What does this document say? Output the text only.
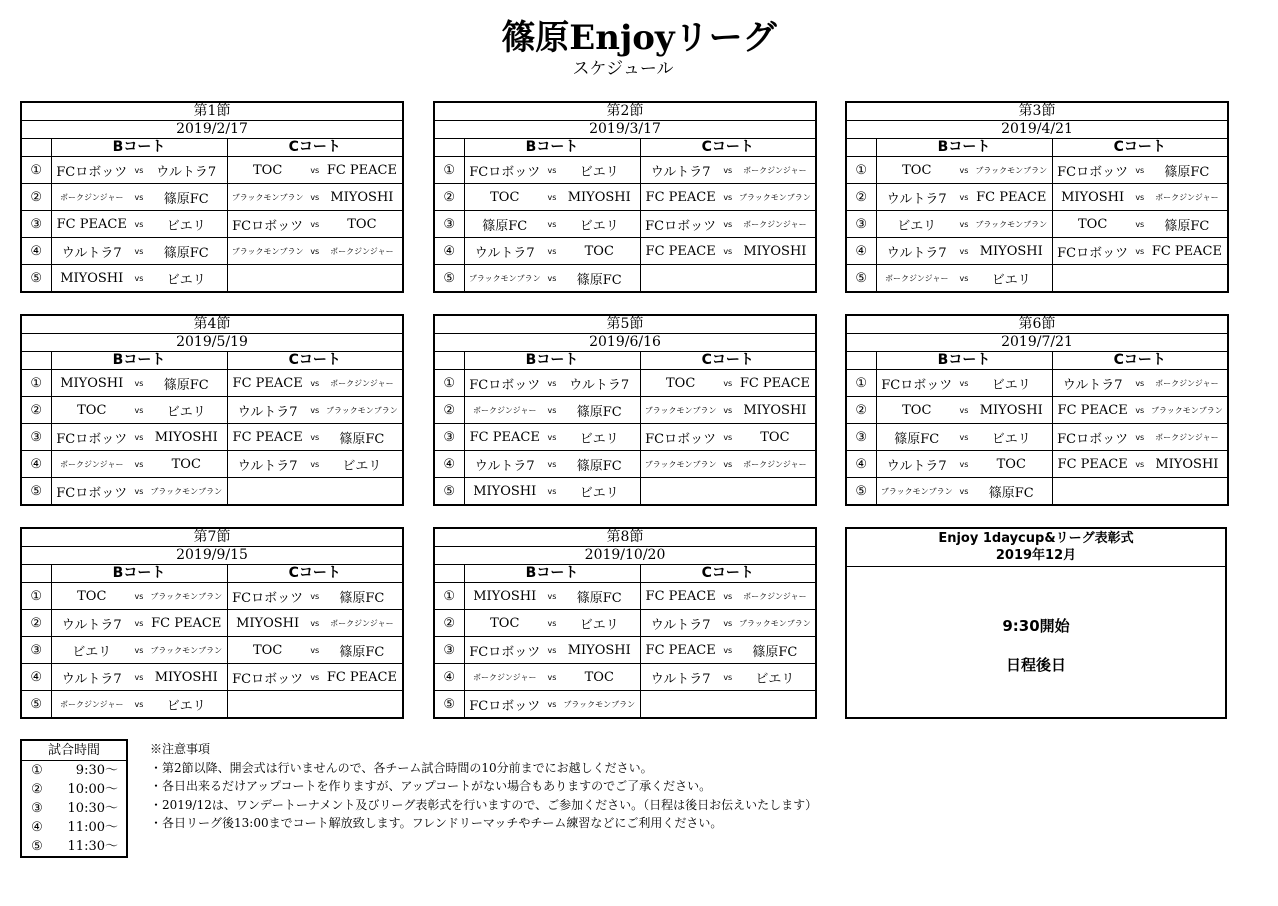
篠原Enjoyリーグ
スケジュール
第1節		
2019/2/17		
	Bコート	Cコート
①	FCロボッツ vs ウルトラ7	TOC vs FC PEACE

②	ボークジンジャー vs 篠原FC	ブラックモンブラン vs MIYOSHI

③	FC PEACE vs ビエリ	FCロボッツ vs TOC

④	ウルトラ7 vs 篠原FC	ブラックモンブラン vs ボークジンジャー

⑤	MIYOSHI vs ビエリ	

第2節		
2019/3/17		
	Bコート	Cコート
①	FCロボッツ vs ビエリ	ウルトラ7 vs ボークジンジャー

②	TOC vs MIYOSHI	FC PEACE vs ブラックモンブラン

③	篠原FC vs ビエリ	FCロボッツ vs ボークジンジャー

④	ウルトラ7 vs TOC	FC PEACE vs MIYOSHI

⑤	ブラックモンブラン vs 篠原FC	

第3節		
2019/4/21		
	Bコート	Cコート
①	TOC vs ブラックモンブラン	FCロボッツ vs 篠原FC

②	ウルトラ7 vs FC PEACE	MIYOSHI vs ボークジンジャー

③	ビエリ vs ブラックモンブラン	TOC vs 篠原FC

④	ウルトラ7 vs MIYOSHI	FCロボッツ vs FC PEACE

⑤	ボークジンジャー vs ビエリ	

第4節		
2019/5/19		
	Bコート	Cコート
①	MIYOSHI vs 篠原FC	FC PEACE vs ボークジンジャー

②	TOC vs ビエリ	ウルトラ7 vs ブラックモンブラン

③	FCロボッツ vs MIYOSHI	FC PEACE vs 篠原FC

④	ボークジンジャー vs TOC	ウルトラ7 vs ビエリ

⑤	FCロボッツ vs ブラックモンブラン	

第5節		
2019/6/16		
	Bコート	Cコート
①	FCロボッツ vs ウルトラ7	TOC vs FC PEACE

②	ボークジンジャー vs 篠原FC	ブラックモンブラン vs MIYOSHI

③	FC PEACE vs ビエリ	FCロボッツ vs TOC

④	ウルトラ7 vs 篠原FC	ブラックモンブラン vs ボークジンジャー

⑤	MIYOSHI vs ビエリ	

第6節		
2019/7/21		
	Bコート	Cコート
①	FCロボッツ vs ビエリ	ウルトラ7 vs ボークジンジャー

②	TOC vs MIYOSHI	FC PEACE vs ブラックモンブラン

③	篠原FC vs ビエリ	FCロボッツ vs ボークジンジャー

④	ウルトラ7 vs TOC	FC PEACE vs MIYOSHI

⑤	ブラックモンブラン vs 篠原FC	

第7節		
2019/9/15		
	Bコート	Cコート
①	TOC vs ブラックモンブラン	FCロボッツ vs 篠原FC

②	ウルトラ7 vs FC PEACE	MIYOSHI vs ボークジンジャー

③	ビエリ vs ブラックモンブラン	TOC vs 篠原FC

④	ウルトラ7 vs MIYOSHI	FCロボッツ vs FC PEACE

⑤	ボークジンジャー vs ビエリ	

第8節		
2019/10/20		
	Bコート	Cコート
①	MIYOSHI vs 篠原FC	FC PEACE vs ボークジンジャー

②	TOC vs ビエリ	ウルトラ7 vs ブラックモンブラン

③	FCロボッツ vs MIYOSHI	FC PEACE vs 篠原FC

④	ボークジンジャー vs TOC	ウルトラ7 vs ビエリ

⑤	FCロボッツ vs ブラックモンブラン	

Enjoy 1daycup&リーグ表彰式
2019年12月
9:30開始
日程後日
試合時間	
①	9:30～
②	10:00～
③	10:30～
④	11:00～
⑤	11:30～
※注意事項
・第2節以降、開会式は行いませんので、各チーム試合時間の10分前までにお越しください。
・各日出来るだけアップコートを作りますが、アップコートがない場合もありますのでご了承ください。
・2019/12は、ワンデートーナメント及びリーグ表彰式を行いますので、ご参加ください。（日程は後日お伝えいたします）
・各日リーグ後13:00までコート解放致します。フレンドリーマッチやチーム練習などにご利用ください。
